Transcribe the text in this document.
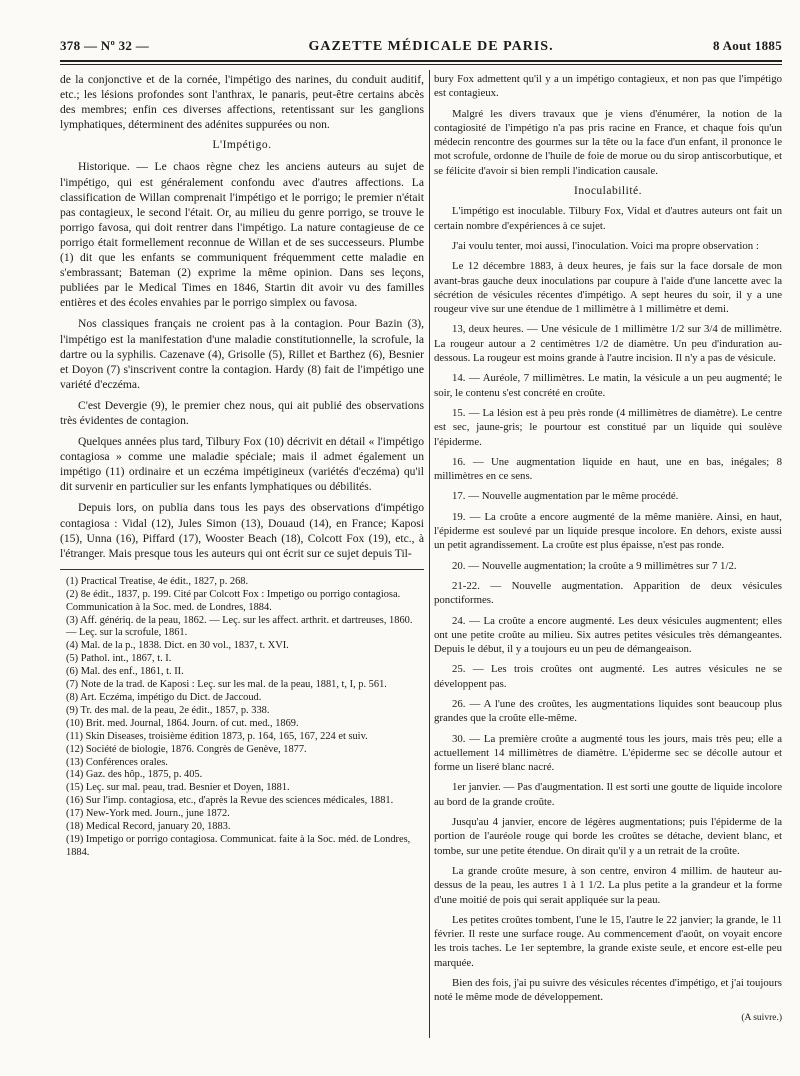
378 — Nº 32 —	GAZETTE MÉDICALE DE PARIS.	8 Aout 1885

de la conjonctive et de la cornée, l'impétigo des narines, du conduit auditif, etc.; les lésions profondes sont l'anthrax, le panaris, peut-être certains abcès des membres; enfin ces diverses affections, retentissant sur les ganglions lymphatiques, déterminent des adénites suppurées ou non.

L'Impétigo.

Historique. — Le chaos règne chez les anciens auteurs au sujet de l'impétigo, qui est généralement confondu avec d'autres affections. La classification de Willan comprenait l'impétigo et le porrigo; le premier n'était pas contagieux, le second l'était. Or, au milieu du genre porrigo, se trouve le porrigo favosa, qui doit rentrer dans l'impétigo. La nature contagieuse de ce porrigo était formellement reconnue de Willan et de ses successeurs. Plumbe (1) dit que les enfants se communiquent fréquemment cette maladie en s'embrassant; Bateman (2) exprime la même opinion. Dans ses leçons, publiées par le Medical Times en 1846, Startin dit avoir vu des familles entières et des écoles envahies par le porrigo simplex ou favosa.

Nos classiques français ne croient pas à la contagion. Pour Bazin (3), l'impétigo est la manifestation d'une maladie constitutionnelle, la scrofule, la dartre ou la syphilis. Cazenave (4), Grisolle (5), Rillet et Barthez (6), Besnier et Doyon (7) s'inscrivent contre la contagion. Hardy (8) fait de l'impétigo une variété d'eczéma.

C'est Devergie (9), le premier chez nous, qui ait publié des observations très évidentes de contagion.

Quelques années plus tard, Tilbury Fox (10) décrivit en détail « l'impétigo contagiosa » comme une maladie spéciale; mais il admet également un impétigo (11) ordinaire et un eczéma impétigineux (variétés d'eczéma) qu'il dit survenir en particulier sur les enfants lymphatiques ou débilités.

Depuis lors, on publia dans tous les pays des observations d'impétigo contagiosa : Vidal (12), Jules Simon (13), Douaud (14), en France; Kaposi (15), Unna (16), Piffard (17), Wooster Beach (18), Colcott Fox (19), etc., à l'étranger. Mais presque tous les auteurs qui ont écrit sur ce sujet depuis Til-

(1) Practical Treatise, 4e édit., 1827, p. 268.

(2) 8e édit., 1837, p. 199. Cité par Colcott Fox : Impetigo ou porrigo contagiosa. Communication à la Soc. med. de Londres, 1884.

(3) Aff. génériq. de la peau, 1862. — Leç. sur les affect. arthrit. et dartreuses, 1860. — Leç. sur la scrofule, 1861.

(4) Mal. de la p., 1838. Dict. en 30 vol., 1837, t. XVI.

(5) Pathol. int., 1867, t. I.

(6) Mal. des enf., 1861, t. II.

(7) Note de la trad. de Kaposi : Leç. sur les mal. de la peau, 1881, t, I, p. 561.

(8) Art. Eczéma, impétigo du Dict. de Jaccoud.

(9) Tr. des mal. de la peau, 2e édit., 1857, p. 338.

(10) Brit. med. Journal, 1864. Journ. of cut. med., 1869.

(11) Skin Diseases, troisième édition 1873, p. 164, 165, 167, 224 et suiv.

(12) Société de biologie, 1876. Congrès de Genève, 1877.

(13) Conférences orales.

(14) Gaz. des hôp., 1875, p. 405.

(15) Leç. sur mal. peau, trad. Besnier et Doyen, 1881.

(16) Sur l'imp. contagiosa, etc., d'après la Revue des sciences médicales, 1881.

(17) New-York med. Journ., june 1872.

(18) Medical Record, january 20, 1883.

(19) Impetigo or porrigo contagiosa. Communicat. faite à la Soc. méd. de Londres, 1884.

bury Fox admettent qu'il y a un impétigo contagieux, et non pas que l'impétigo est contagieux.

Malgré les divers travaux que je viens d'énumérer, la notion de la contagiosité de l'impétigo n'a pas pris racine en France, et chaque fois qu'un médecin rencontre des gourmes sur la tête ou la face d'un enfant, il prononce le mot scrofule, ordonne de l'huile de foie de morue ou du sirop antiscorbutique, et se félicite d'avoir si bien rempli l'indication causale.

Inoculabilité.

L'impétigo est inoculable. Tilbury Fox, Vidal et d'autres auteurs ont fait un certain nombre d'expériences à ce sujet.

J'ai voulu tenter, moi aussi, l'inoculation. Voici ma propre observation :

Le 12 décembre 1883, à deux heures, je fais sur la face dorsale de mon avant-bras gauche deux inoculations par coupure à l'aide d'une lancette avec la sécrétion de vésicules récentes d'impétigo. A sept heures du soir, il y a une rougeur vive sur une étendue de 1 millimètre à 1 millimètre et demi.

13, deux heures. — Une vésicule de 1 millimètre 1/2 sur 3/4 de millimètre. La rougeur autour a 2 centimètres 1/2 de diamètre. Un peu d'induration au-dessous. La rougeur est moins grande à l'autre incision. Il n'y a pas de vésicule.

14. — Auréole, 7 millimètres. Le matin, la vésicule a un peu augmenté; le soir, le contenu s'est concrété en croûte.

15. — La lésion est à peu près ronde (4 millimètres de diamètre). Le centre est sec, jaune-gris; le pourtour est constitué par un liquide qui soulève l'épiderme.

16. — Une augmentation liquide en haut, une en bas, inégales; 8 millimètres en ce sens.

17. — Nouvelle augmentation par le même procédé.

19. — La croûte a encore augmenté de la même manière. Ainsi, en haut, l'épiderme est soulevé par un liquide presque incolore. En dehors, existe aussi un petit agrandissement. La croûte est plus épaisse, n'est pas ronde.

20. — Nouvelle augmentation; la croûte a 9 millimètres sur 7 1/2.

21-22. — Nouvelle augmentation. Apparition de deux vésicules ponctiformes.

24. — La croûte a encore augmenté. Les deux vésicules augmentent; elles ont une petite croûte au milieu. Six autres petites vésicules très démangeantes. Depuis le début, il y a toujours eu un peu de démangeaison.

25. — Les trois croûtes ont augmenté. Les autres vésicules ne se développent pas.

26. — A l'une des croûtes, les augmentations liquides sont beaucoup plus grandes que la croûte elle-même.

30. — La première croûte a augmenté tous les jours, mais très peu; elle a actuellement 14 millimètres de diamètre. L'épiderme sec se décolle autour et forme un liseré blanc nacré.

1er janvier. — Pas d'augmentation. Il est sorti une goutte de liquide incolore au bord de la grande croûte.

Jusqu'au 4 janvier, encore de légères augmentations; puis l'épiderme de la portion de l'auréole rouge qui borde les croûtes se détache, devient blanc, et tombe, sur une petite étendue. On dirait qu'il y a un retrait de la croûte.

La grande croûte mesure, à son centre, environ 4 millim. de hauteur au-dessus de la peau, les autres 1 à 1 1/2. La plus petite a la grandeur et la forme d'une moitié de pois qui serait appliquée sur la peau.

Les petites croûtes tombent, l'une le 15, l'autre le 22 janvier; la grande, le 11 février. Il reste une surface rouge. Au commencement d'août, on voyait encore les trois taches. Le 1er septembre, la grande existe seule, et encore est-elle peu marquée.

Bien des fois, j'ai pu suivre des vésicules récentes d'impétigo, et j'ai toujours noté le même mode de développement.

(A suivre.)
